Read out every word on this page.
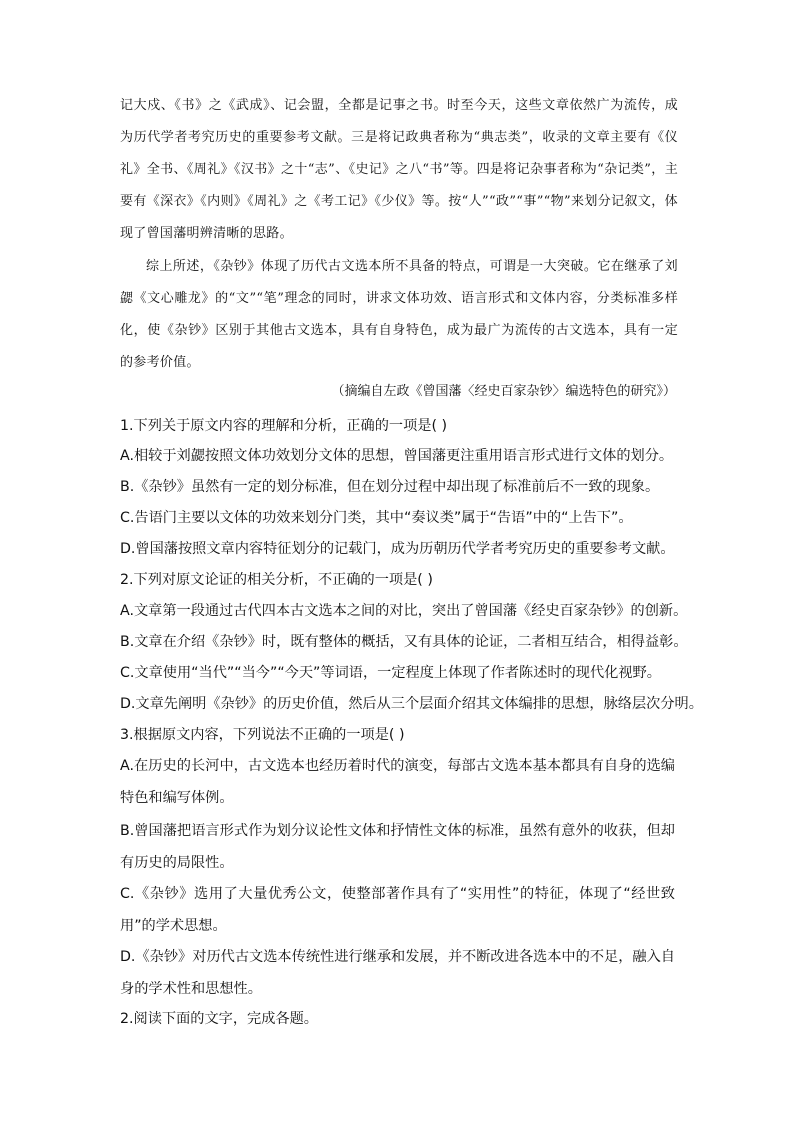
记大戍、《书》之《武成》、记会盟，全都是记事之书。时至今天，这些文章依然广为流传，成为历代学者考究历史的重要参考文献。三是将记政典者称为“典志类”，收录的文章主要有《仪礼》全书、《周礼》《汉书》之十“志”、《史记》之八“书”等。四是将记杂事者称为“杂记类”，主要有《深衣》《内则》《周礼》之《考工记》《少仪》等。按“人”“政”“事”“物”来划分记叙文，体现了曾国藩明辨清晰的思路。

综上所述，《杂钞》体现了历代古文选本所不具备的特点，可谓是一大突破。它在继承了刘勰《文心雕龙》的“文”“笔”理念的同时，讲求文体功效、语言形式和文体内容，分类标准多样化，使《杂钞》区别于其他古文选本，具有自身特色，成为最广为流传的古文选本，具有一定的参考价值。

（摘编自左政《曾国藩〈经史百家杂钞〉编选特色的研究》）

1.下列关于原文内容的理解和分析，正确的一项是( )

A.相较于刘勰按照文体功效划分文体的思想，曾国藩更注重用语言形式进行文体的划分。

B.《杂钞》虽然有一定的划分标准，但在划分过程中却出现了标准前后不一致的现象。

C.告语门主要以文体的功效来划分门类，其中“奏议类”属于“告语”中的“上告下”。

D.曾国藩按照文章内容特征划分的记载门，成为历朝历代学者考究历史的重要参考文献。

2.下列对原文论证的相关分析，不正确的一项是( )

A.文章第一段通过古代四本古文选本之间的对比，突出了曾国藩《经史百家杂钞》的创新。

B.文章在介绍《杂钞》时，既有整体的概括，又有具体的论证，二者相互结合，相得益彰。

C.文章使用“当代”“当今”“今天”等词语，一定程度上体现了作者陈述时的现代化视野。

D.文章先阐明《杂钞》的历史价值，然后从三个层面介绍其文体编排的思想，脉络层次分明。

3.根据原文内容，下列说法不正确的一项是( )

A.在历史的长河中，古文选本也经历着时代的演变，每部古文选本基本都具有自身的选编特色和编写体例。

B.曾国藩把语言形式作为划分议论性文体和抒情性文体的标准，虽然有意外的收获，但却有历史的局限性。

C.《杂钞》选用了大量优秀公文，使整部著作具有了“实用性”的特征，体现了“经世致用”的学术思想。

D.《杂钞》对历代古文选本传统性进行继承和发展，并不断改进各选本中的不足，融入自身的学术性和思想性。

2.阅读下面的文字，完成各题。
